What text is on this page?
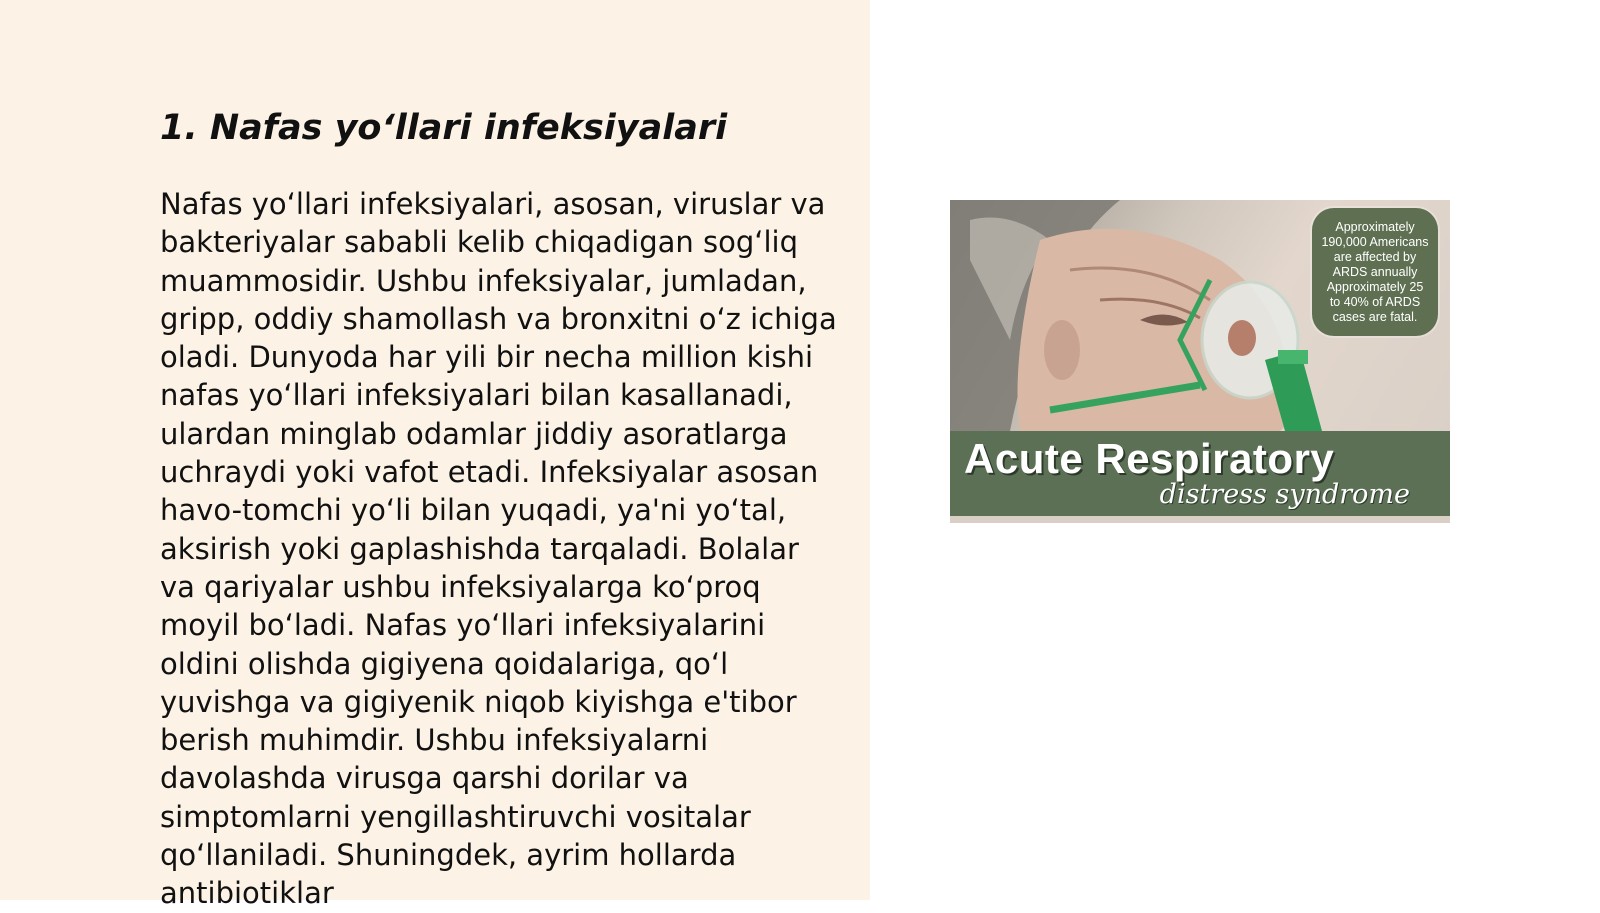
1. Nafas yoʻllari infeksiyalari

Nafas yoʻllari infeksiyalari, asosan, viruslar va bakteriyalar sababli kelib chiqadigan sogʻliq muammosidir. Ushbu infeksiyalar, jumladan, gripp, oddiy shamollash va bronxitni oʻz ichiga oladi. Dunyoda har yili bir necha million kishi nafas yoʻllari infeksiyalari bilan kasallanadi, ulardan minglab odamlar jiddiy asoratlarga uchraydi yoki vafot etadi. Infeksiyalar asosan havo-tomchi yoʻli bilan yuqadi, ya'ni yoʻtal, aksirish yoki gaplashishda tarqaladi. Bolalar va qariyalar ushbu infeksiyalarga koʻproq moyil boʻladi. Nafas yoʻllari infeksiyalarini oldini olishda gigiyena qoidalariga, qoʻl yuvishga va gigiyenik niqob kiyishga e'tibor berish muhimdir. Ushbu infeksiyalarni davolashda virusga qarshi dorilar va simptomlarni yengillashtiruvchi vositalar qoʻllaniladi. Shuningdek, ayrim hollarda antibiotiklar

Approximately 190,000 Americans are affected by ARDS annually Approximately 25 to 40% of ARDS cases are fatal.
Acute Respiratory
distress syndrome
